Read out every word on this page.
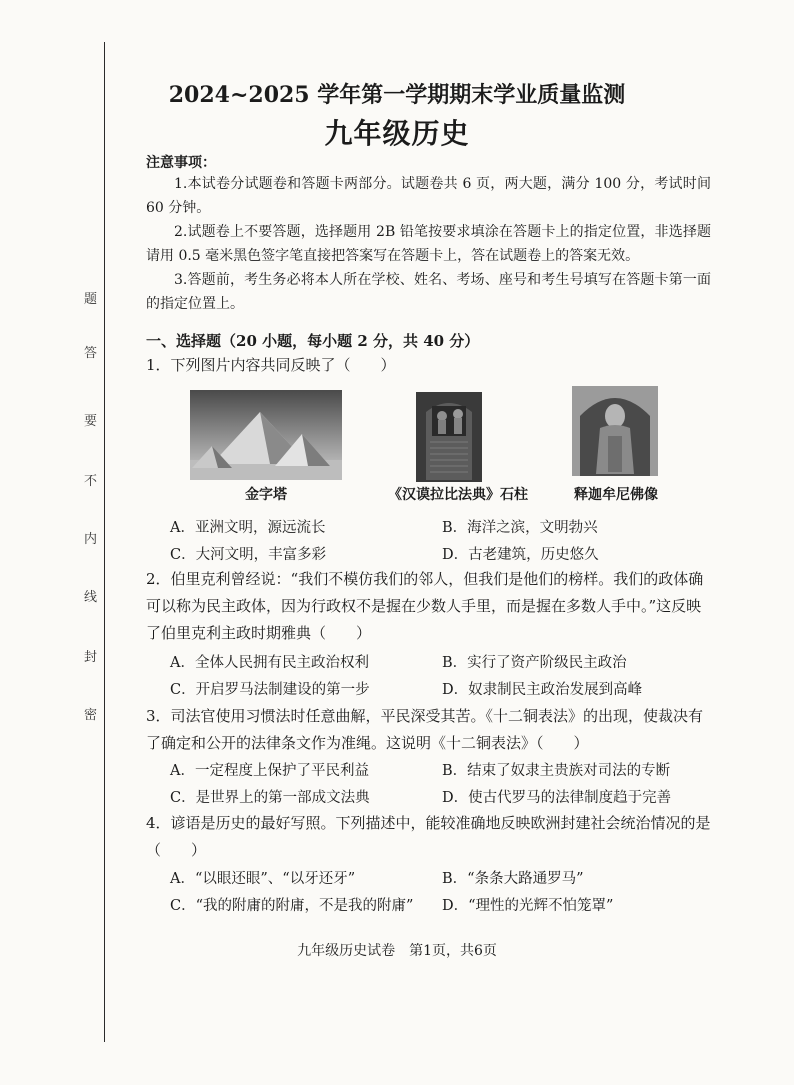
题
答
要
不
内
线
封
密
2024~2025 学年第一学期期末学业质量监测
九年级历史
注意事项：
1.本试卷分试题卷和答题卡两部分。试题卷共 6 页，两大题，满分 100 分，考试时间 60 分钟。
2.试题卷上不要答题，选择题用 2B 铅笔按要求填涂在答题卡上的指定位置，非选择题请用 0.5 毫米黑色签字笔直接把答案写在答题卡上，答在试题卷上的答案无效。
3.答题前，考生务必将本人所在学校、姓名、考场、座号和考生号填写在答题卡第一面的指定位置上。
一、选择题（20 小题，每小题 2 分，共 40 分）
1．下列图片内容共同反映了（　　）
金字塔	《汉谟拉比法典》石柱	释迦牟尼佛像
A．亚洲文明，源远流长	B．海洋之滨，文明勃兴
C．大河文明，丰富多彩	D．古老建筑，历史悠久
2．伯里克利曾经说：“我们不模仿我们的邻人，但我们是他们的榜样。我们的政体确可以称为民主政体，因为行政权不是握在少数人手里，而是握在多数人手中。”这反映了伯里克利主政时期雅典（　　）
A．全体人民拥有民主政治权利	B．实行了资产阶级民主政治
C．开启罗马法制建设的第一步	D．奴隶制民主政治发展到高峰
3．司法官使用习惯法时任意曲解，平民深受其苦。《十二铜表法》的出现，使裁决有了确定和公开的法律条文作为准绳。这说明《十二铜表法》（　　）
A．一定程度上保护了平民利益	B．结束了奴隶主贵族对司法的专断
C．是世界上的第一部成文法典	D．使古代罗马的法律制度趋于完善
4．谚语是历史的最好写照。下列描述中，能较准确地反映欧洲封建社会统治情况的是（　　）
A．“以眼还眼”、“以牙还牙”	B．“条条大路通罗马”
C．“我的附庸的附庸，不是我的附庸” D．“理性的光辉不怕笼罩”
九年级历史试卷　第1页，共6页
